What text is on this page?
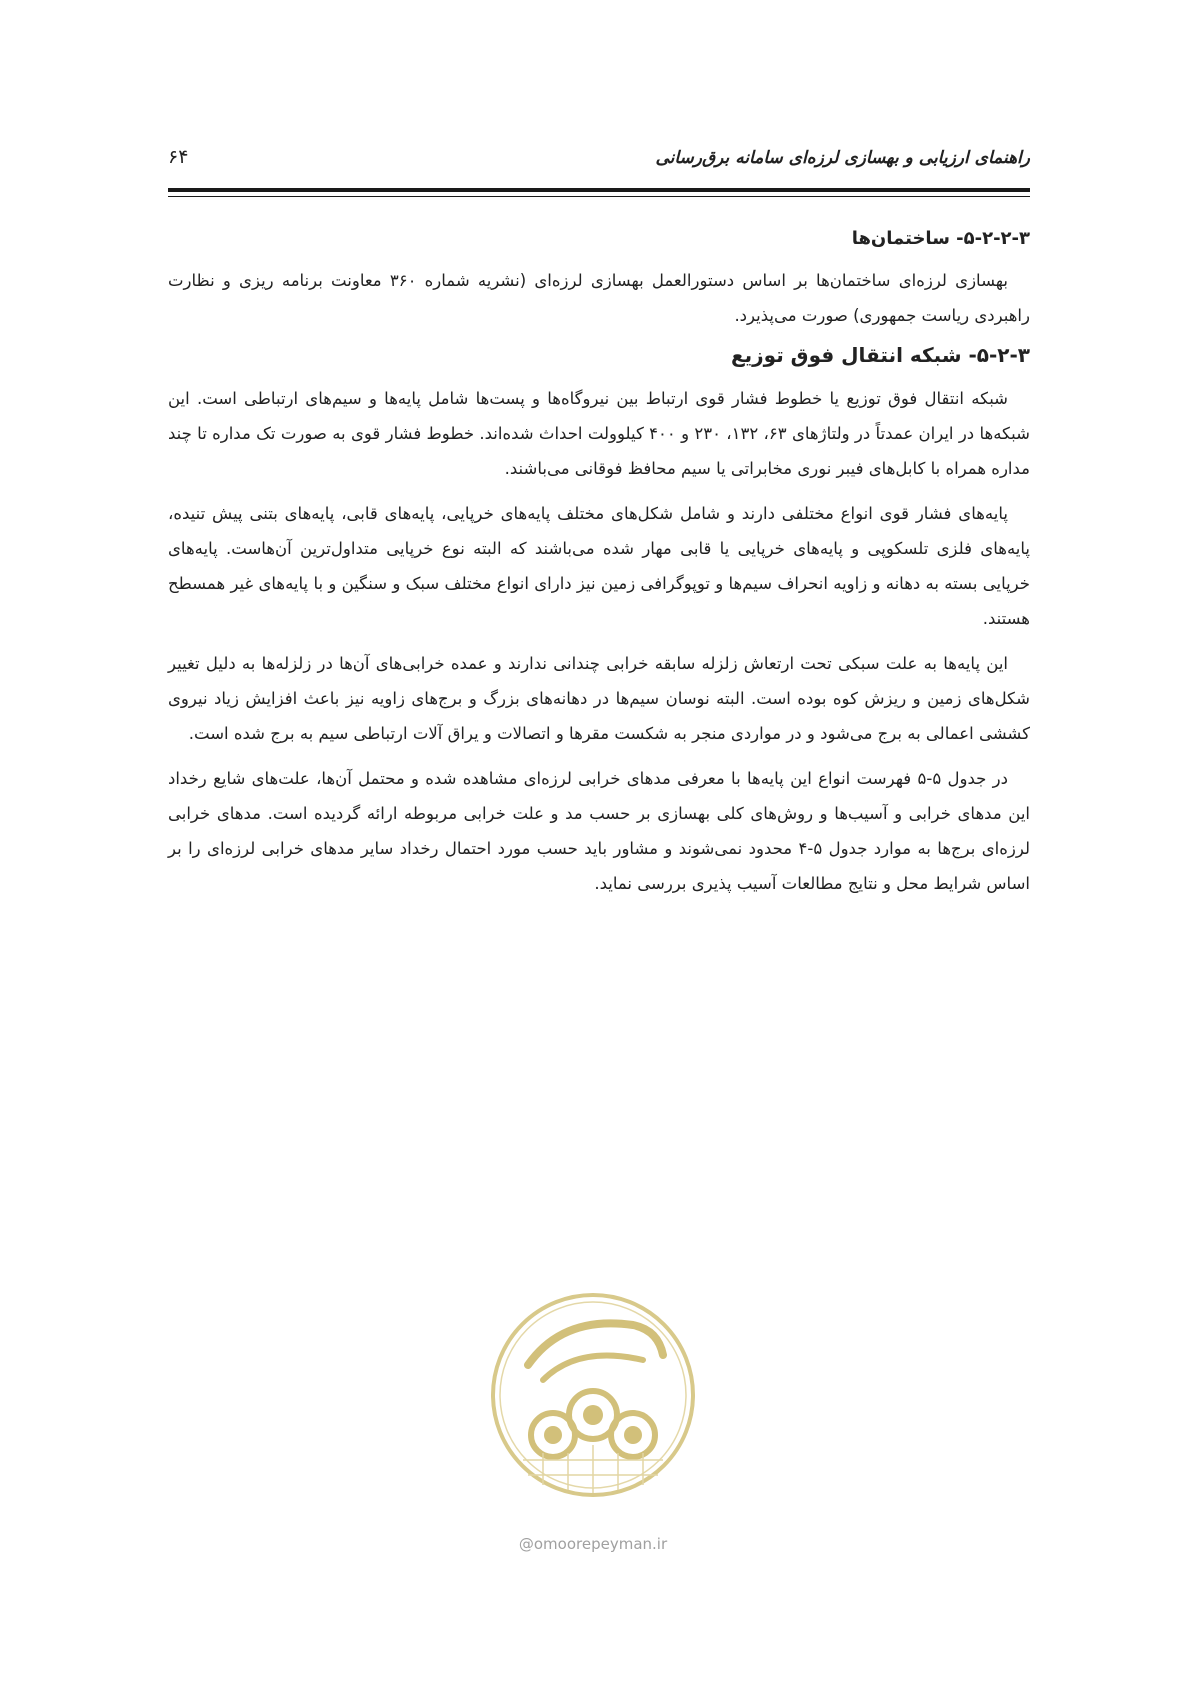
راهنمای ارزیابی و بهسازی لرزه‌ای سامانه برق‌رسانی
۶۴
۵-۲-۲-۳- ساختمان‌ها

بهسازی لرزه‌ای ساختمان‌ها بر اساس دستورالعمل بهسازی لرزه‌ای (نشریه شماره ۳۶۰ معاونت برنامه ریزی و نظارت راهبردی ریاست جمهوری) صورت می‌پذیرد.

۵-۲-۳- شبکه انتقال فوق توزیع

شبکه انتقال فوق توزیع یا خطوط فشار قوی ارتباط بین نیروگاه‌ها و پست‌ها شامل پایه‌ها و سیم‌های ارتباطی است. این شبکه‌ها در ایران عمدتاً در ولتاژهای ۶۳، ۱۳۲، ۲۳۰ و ۴۰۰ کیلوولت احداث شده‌اند. خطوط فشار قوی به صورت تک مداره تا چند مداره همراه با کابل‌های فیبر نوری مخابراتی یا سیم محافظ فوقانی می‌باشند.

پایه‌های فشار قوی انواع مختلفی دارند و شامل شکل‌های مختلف پایه‌های خرپایی، پایه‌های قابی، پایه‌های بتنی پیش تنیده، پایه‌های فلزی تلسکوپی و پایه‌های خرپایی یا قابی مهار شده می‌باشند که البته نوع خرپایی متداول‌ترین آن‌هاست. پایه‌های خرپایی بسته به دهانه و زاویه انحراف سیم‌ها و توپوگرافی زمین نیز دارای انواع مختلف سبک و سنگین و با پایه‌های غیر همسطح هستند.

این پایه‌ها به علت سبکی تحت ارتعاش زلزله سابقه خرابی چندانی ندارند و عمده خرابی‌های آن‌ها در زلزله‌ها به دلیل تغییر شکل‌های زمین و ریزش کوه بوده است. البته نوسان سیم‌ها در دهانه‌های بزرگ و برج‌های زاویه نیز باعث افزایش زیاد نیروی کششی اعمالی به برج می‌شود و در مواردی منجر به شکست مقرها و اتصالات و یراق آلات ارتباطی سیم به برج شده است.

در جدول ۵-۵ فهرست انواع این پایه‌ها با معرفی مدهای خرابی لرزه‌ای مشاهده شده و محتمل آن‌ها، علت‌های شایع رخداد این مدهای خرابی و آسیب‌ها و روش‌های کلی بهسازی بر حسب مد و علت خرابی مربوطه ارائه گردیده است. مدهای خرابی لرزه‌ای برج‌ها به موارد جدول ۵-۴ محدود نمی‌شوند و مشاور باید حسب مورد احتمال رخداد سایر مدهای خرابی لرزه‌ای را بر اساس شرایط محل و نتایج مطالعات آسیب پذیری بررسی نماید.

@omoorepeyman.ir
